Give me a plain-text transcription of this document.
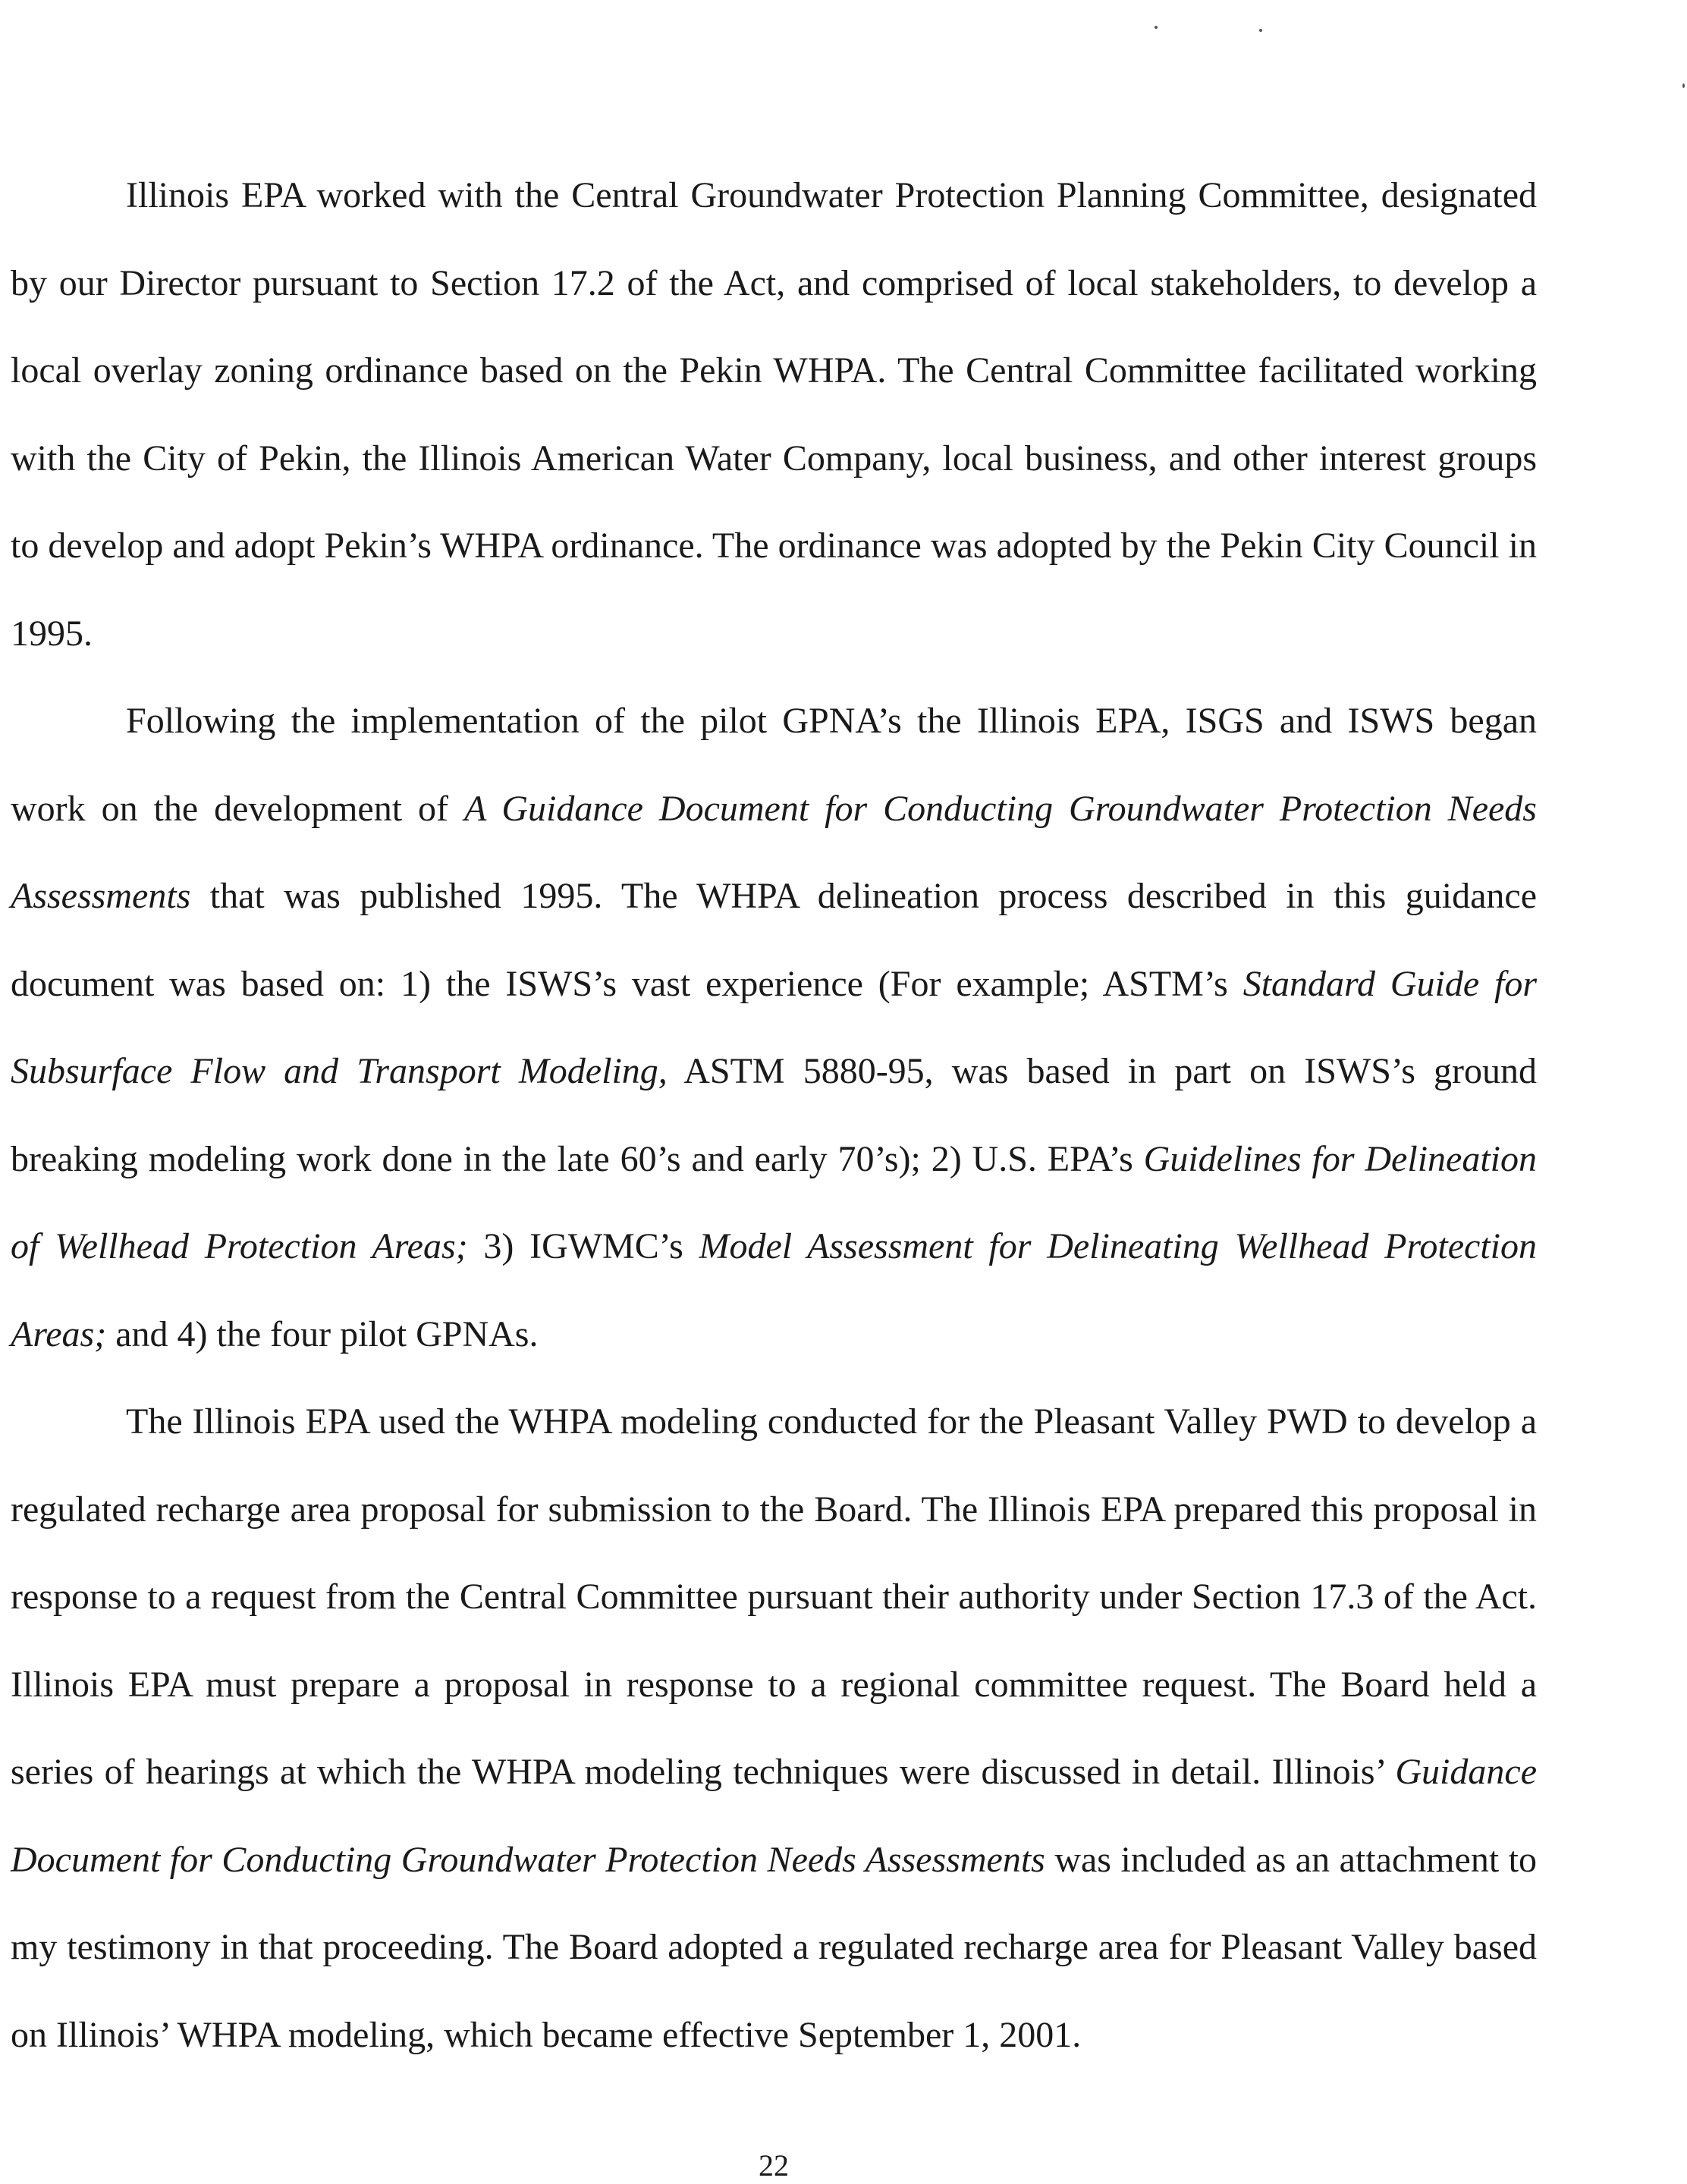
Illinois EPA worked with the Central Groundwater Protection Planning Committee, designated by our Director pursuant to Section 17.2 of the Act, and comprised of local stakeholders, to develop a local overlay zoning ordinance based on the Pekin WHPA. The Central Committee facilitated working with the City of Pekin, the Illinois American Water Company, local business, and other interest groups to develop and adopt Pekin’s WHPA ordinance. The ordinance was adopted by the Pekin City Council in 1995.

Following the implementation of the pilot GPNA’s the Illinois EPA, ISGS and ISWS began work on the development of A Guidance Document for Conducting Groundwater Protection Needs Assessments that was published 1995. The WHPA delineation process described in this guidance document was based on: 1) the ISWS’s vast experience (For example; ASTM’s Standard Guide for Subsurface Flow and Transport Modeling, ASTM 5880-95, was based in part on ISWS’s ground breaking modeling work done in the late 60’s and early 70’s); 2) U.S. EPA’s Guidelines for Delineation of Wellhead Protection Areas; 3) IGWMC’s Model Assessment for Delineating Wellhead Protection Areas; and 4) the four pilot GPNAs.

The Illinois EPA used the WHPA modeling conducted for the Pleasant Valley PWD to develop a regulated recharge area proposal for submission to the Board. The Illinois EPA prepared this proposal in response to a request from the Central Committee pursuant their authority under Section 17.3 of the Act. Illinois EPA must prepare a proposal in response to a regional committee request. The Board held a series of hearings at which the WHPA modeling techniques were discussed in detail. Illinois’ Guidance Document for Conducting Groundwater Protection Needs Assessments was included as an attachment to my testimony in that proceeding. The Board adopted a regulated recharge area for Pleasant Valley based on Illinois’ WHPA modeling, which became effective September 1, 2001.

22
